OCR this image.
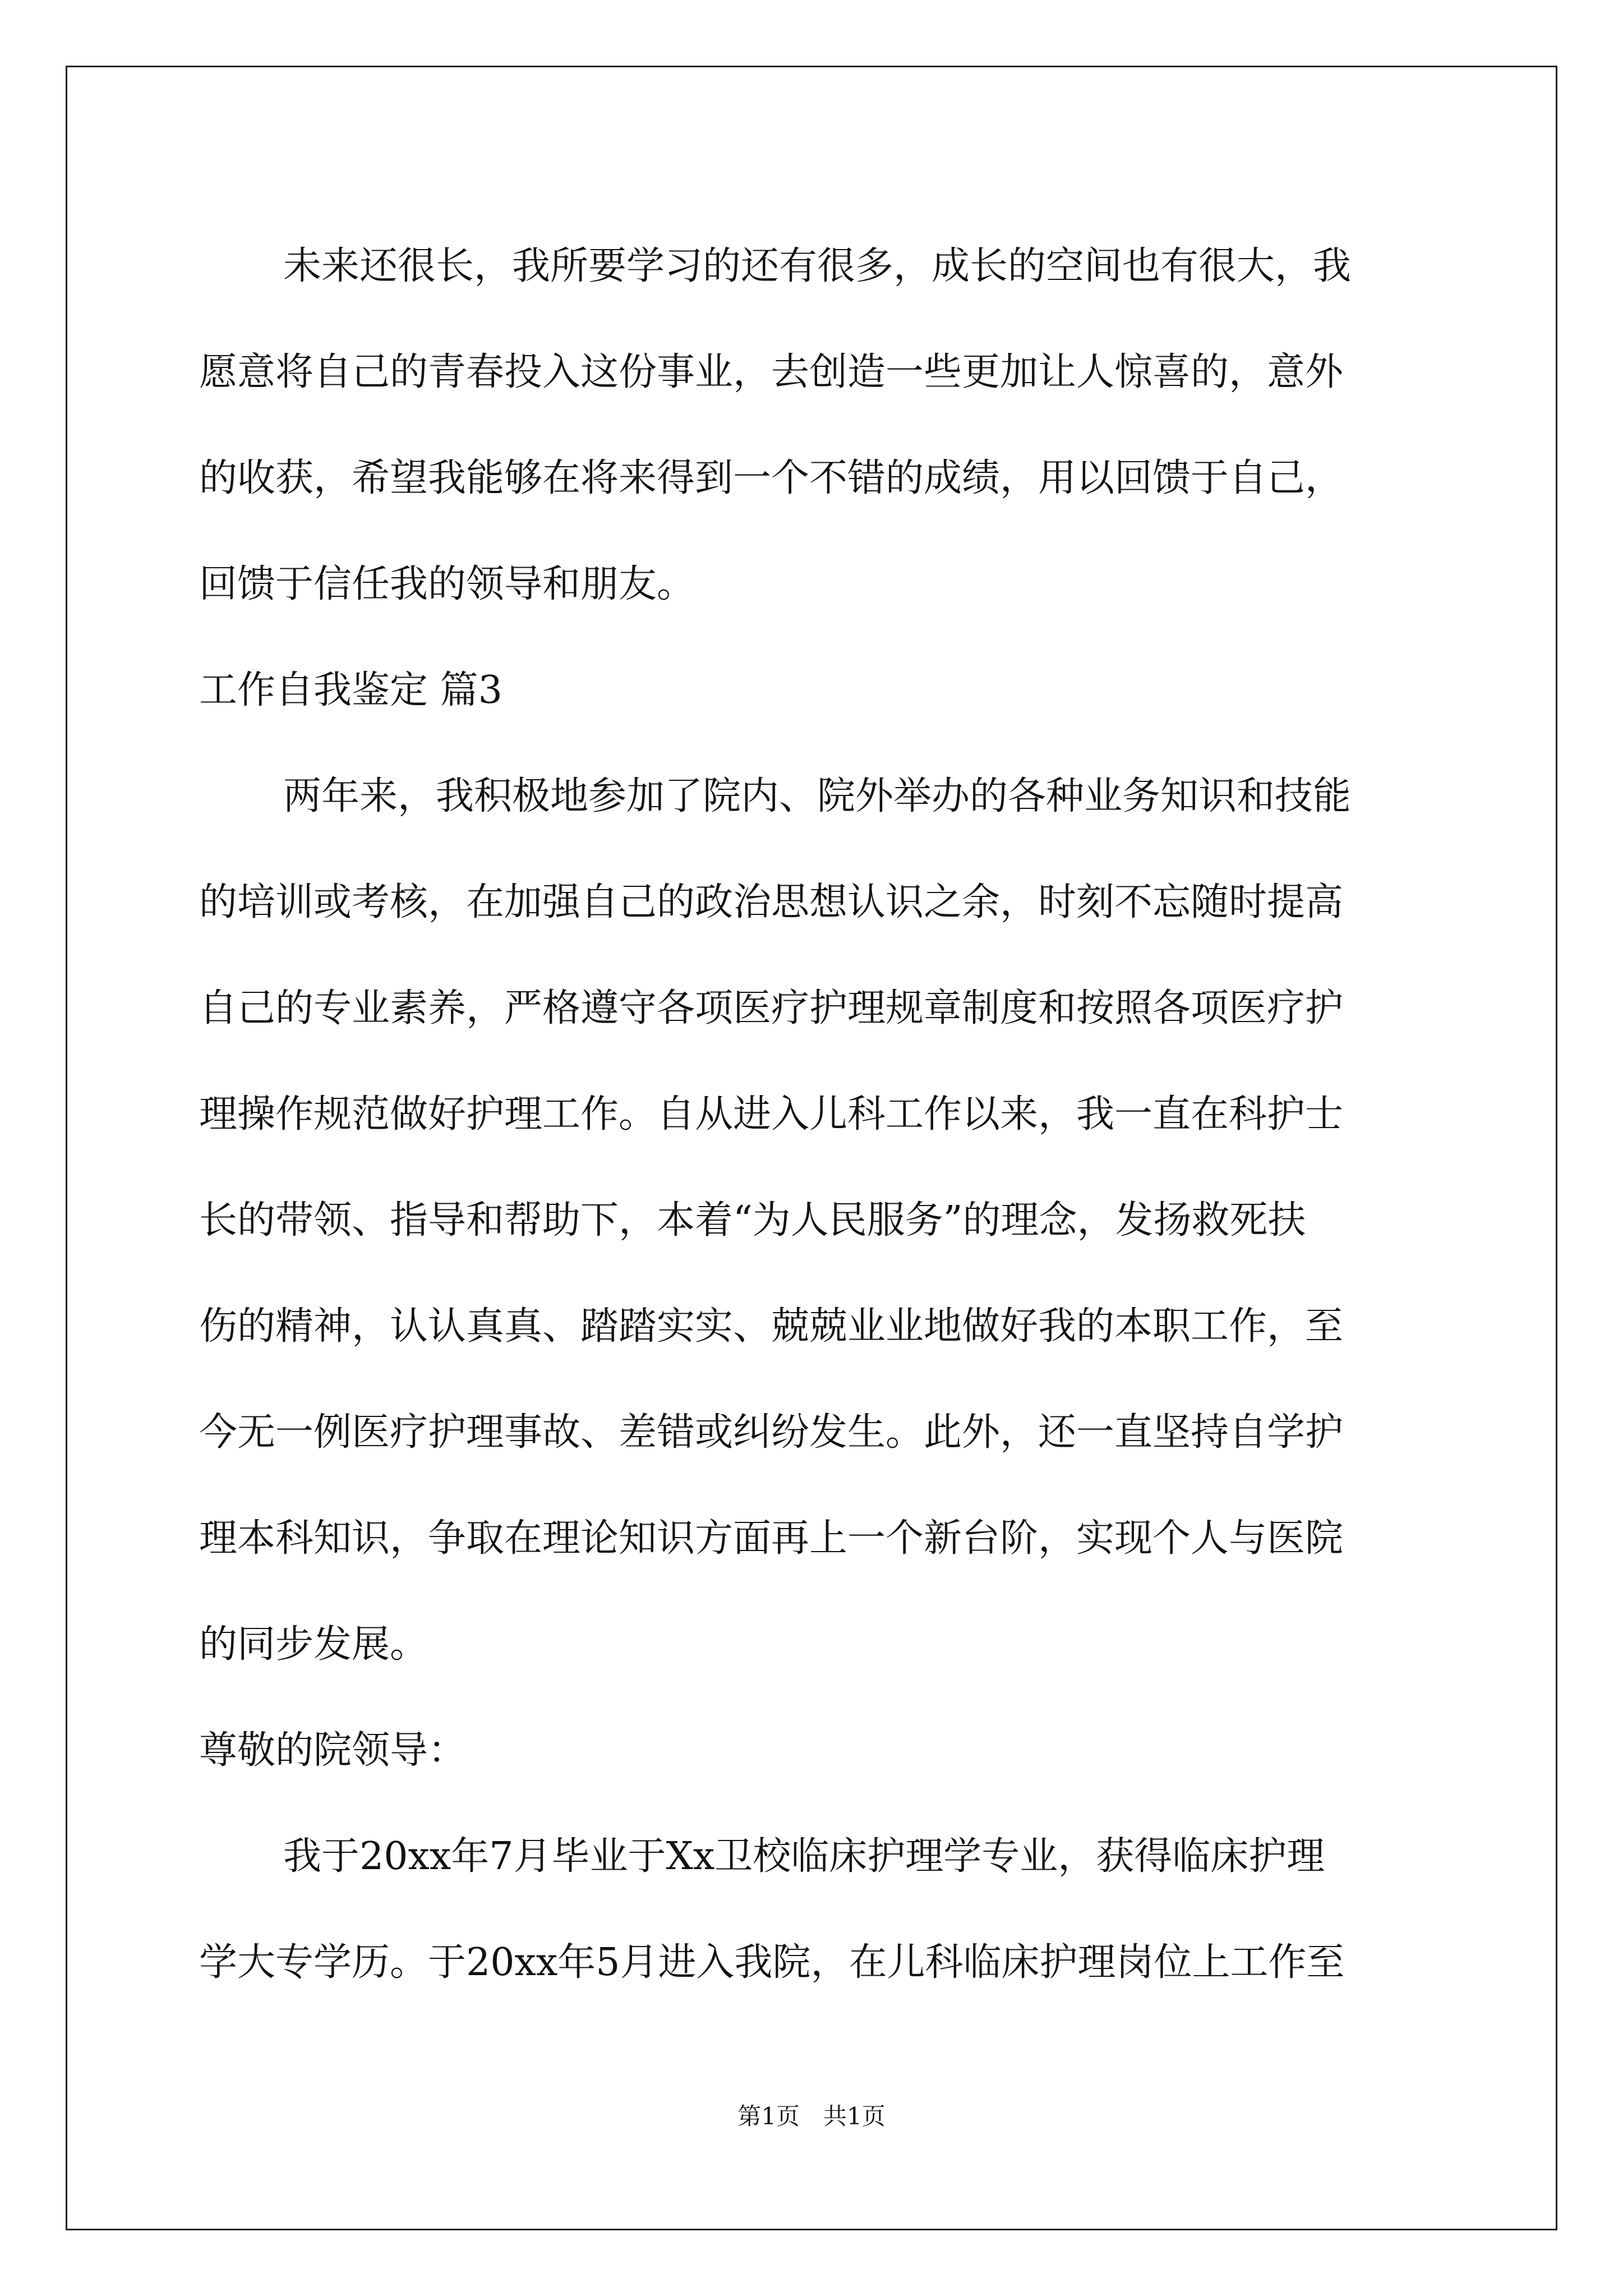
未来还很长，我所要学习的还有很多，成长的空间也有很大，我
愿意将自己的青春投入这份事业，去创造一些更加让人惊喜的，意外
的收获，希望我能够在将来得到一个不错的成绩，用以回馈于自己，
回馈于信任我的领导和朋友。
工作自我鉴定 篇3
两年来，我积极地参加了院内、院外举办的各种业务知识和技能
的培训或考核，在加强自己的政治思想认识之余，时刻不忘随时提高
自己的专业素养，严格遵守各项医疗护理规章制度和按照各项医疗护
理操作规范做好护理工作。自从进入儿科工作以来，我一直在科护士
长的带领、指导和帮助下，本着“为人民服务”的理念，发扬救死扶
伤的精神，认认真真、踏踏实实、兢兢业业地做好我的本职工作，至
今无一例医疗护理事故、差错或纠纷发生。此外，还一直坚持自学护
理本科知识，争取在理论知识方面再上一个新台阶，实现个人与医院
的同步发展。
尊敬的院领导：
我于20xx年7月毕业于Xx卫校临床护理学专业，获得临床护理
学大专学历。于20xx年5月进入我院，在儿科临床护理岗位上工作至
第1页　共1页
